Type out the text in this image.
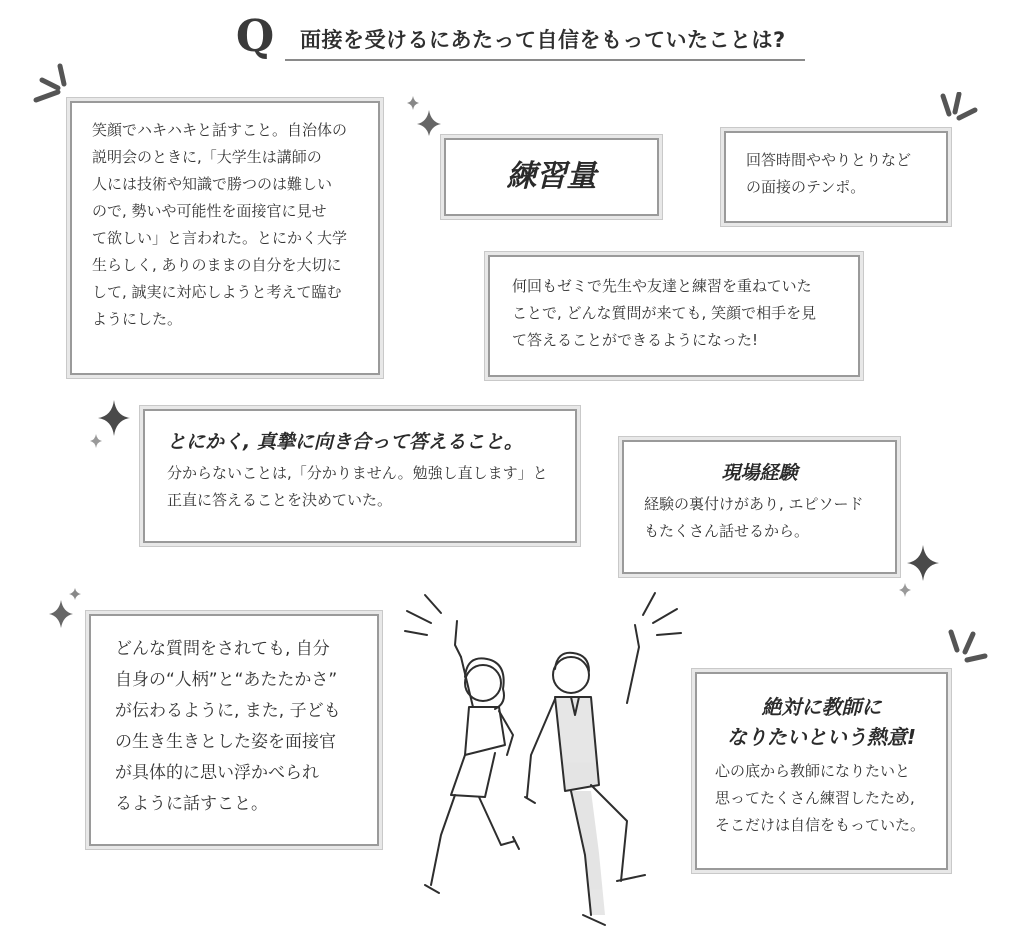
Q 面接を受けるにあたって自信をもっていたことは?
笑顔でハキハキと話すこと。自治体の
説明会のときに,「大学生は講師の
人には技術や知識で勝つのは難しい
ので, 勢いや可能性を面接官に見せ
て欲しい」と言われた。とにかく大学
生らしく, ありのままの自分を大切に
して, 誠実に対応しようと考えて臨む
ようにした。
練習量	回答時間ややりとりなど
の面接のテンポ。
何回もゼミで先生や友達と練習を重ねていた
ことで, どんな質問が来ても, 笑顔で相手を見
て答えることができるようになった!
とにかく, 真摯に向き合って答えること。
分からないことは,「分かりません。勉強し直します」と
正直に答えることを決めていた。
現場経験
経験の裏付けがあり, エピソード
もたくさん話せるから。
どんな質問をされても, 自分
自身の“人柄”と“あたたかさ”
が伝わるように, また, 子ども
の生き生きとした姿を面接官
が具体的に思い浮かべられ
るように話すこと。
絶対に教師に
なりたいという熱意!
心の底から教師になりたいと
思ってたくさん練習したため,
そこだけは自信をもっていた。
